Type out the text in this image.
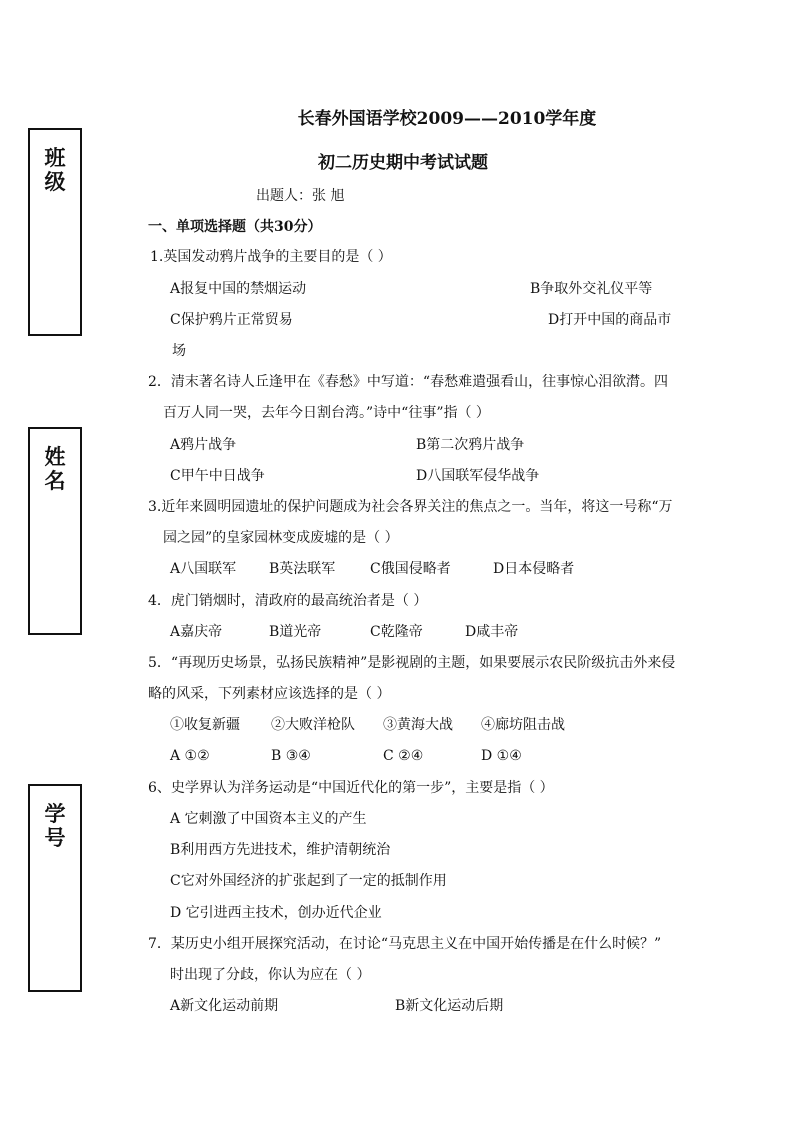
班级
姓名
学号
长春外国语学校2009——2010学年度
初二历史期中考试试题
出题人：张 旭
一、单项选择题（共30分）
1.英国发动鸦片战争的主要目的是（ ）
A报复中国的禁烟运动	B争取外交礼仪平等
C保护鸦片正常贸易	D打开中国的商品市
场
2．清末著名诗人丘逢甲在《春愁》中写道：“春愁难遣强看山，往事惊心泪欲潸。四
百万人同一哭，去年今日割台湾。”诗中“往事”指（ ）
A鸦片战争	B第二次鸦片战争
C甲午中日战争	D八国联军侵华战争
3.近年来圆明园遗址的保护问题成为社会各界关注的焦点之一。当年，将这一号称“万
园之园”的皇家园林变成废墟的是（ ）
A八国联军 B英法联军 C俄国侵略者	D日本侵略者
4．虎门销烟时，清政府的最高统治者是（ ）
A嘉庆帝	B道光帝	C乾隆帝	D咸丰帝
5．“再现历史场景，弘扬民族精神”是影视剧的主题，如果要展示农民阶级抗击外来侵
略的风采，下列素材应该选择的是（ ）
①收复新疆 ②大败洋枪队 ③黄海大战 ④廊坊阻击战
A ①②	B ③④	C ②④	D ①④
6、史学界认为洋务运动是“中国近代化的第一步”，主要是指（ ）
A 它刺激了中国资本主义的产生
B利用西方先进技术，维护清朝统治
C它对外国经济的扩张起到了一定的抵制作用
D 它引进西主技术，创办近代企业
7．某历史小组开展探究活动，在讨论“马克思主义在中国开始传播是在什么时候？”
时出现了分歧，你认为应在（ ）
A新文化运动前期	B新文化运动后期
